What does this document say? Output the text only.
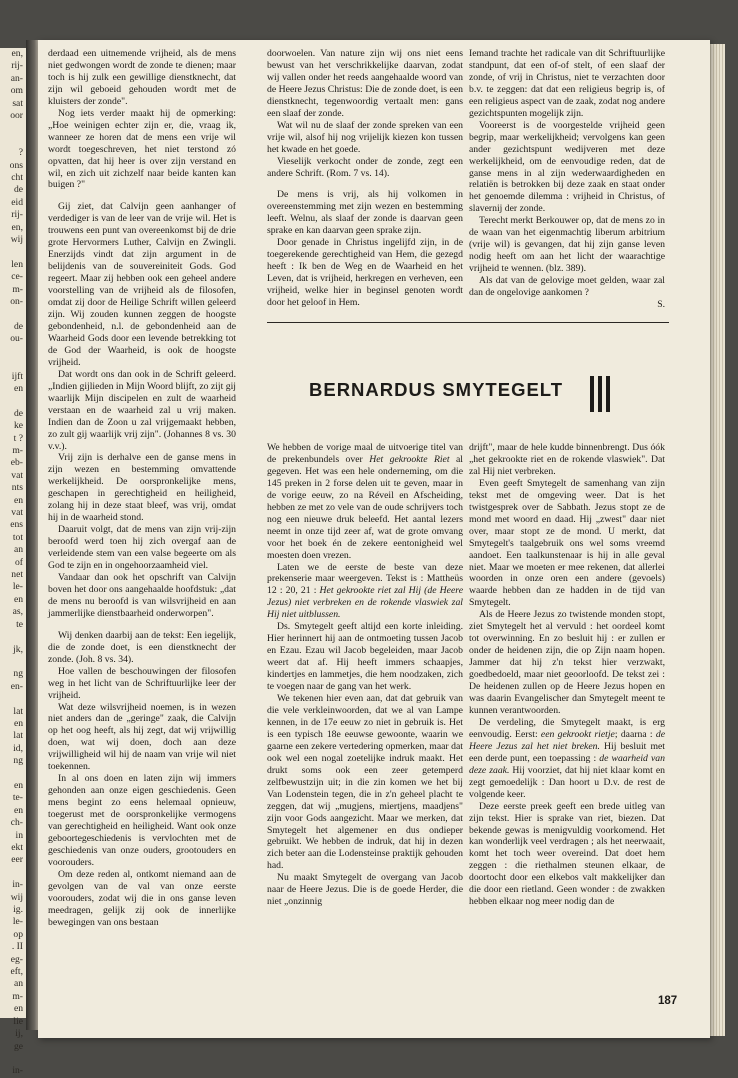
en,
rij-
an-
om
sat
oor

?
ons
cht
de
eid
rij-
en,
wij

len
ce-
m-
on-

de
ou-

ijft
en

de
ke
t ?
m-
eb-
vat
nts
en
vat
ens
tot
an
of
net
le-
en
as,
te

jk,

ng
en-

lat
en
lat
id,
ng

en
te-
en
ch-
in
ekt
eer

in-
wij
ig.
le-
op
. II
eg-
eft,
an
m-
en
lie
ij,
ge

in-

derdaad een uitnemende vrijheid, als de mens niet gedwongen wordt de zonde te dienen; maar toch is hij zulk een gewillige dienstknecht, dat zijn wil geboeid gehouden wordt met de kluisters der zonde".

Nog iets verder maakt hij de opmerking: „Hoe weinigen echter zijn er, die, vraag ik, wanneer ze horen dat de mens een vrije wil wordt toegeschreven, het niet terstond zó opvatten, dat hij heer is over zijn verstand en wil, en zich uit zichzelf naar beide kanten kan buigen ?"

Gij ziet, dat Calvijn geen aanhanger of verdediger is van de leer van de vrije wil. Het is trouwens een punt van overeenkomst bij de drie grote Hervormers Luther, Calvijn en Zwingli. Enerzijds vindt dat zijn argument in de belijdenis van de souvereiniteit Gods. God regeert. Maar zij hebben ook een geheel andere voorstelling van de vrijheid als de filosofen, omdat zij door de Heilige Schrift willen geleerd zijn. Wij zouden kunnen zeggen de hoogste gebondenheid, n.l. de gebondenheid aan de Waarheid Gods door een levende betrekking tot de God der Waarheid, is ook de hoogste vrijheid.

Dat wordt ons dan ook in de Schrift geleerd. „Indien gijlieden in Mijn Woord blijft, zo zijt gij waarlijk Mijn discipelen en zult de waarheid verstaan en de waarheid zal u vrij maken. Indien dan de Zoon u zal vrijgemaakt hebben, zo zult gij waarlijk vrij zijn". (Johannes 8 vs. 30 v.v.).

Vrij zijn is derhalve een de ganse mens in zijn wezen en bestemming omvattende werkelijkheid. De oorspronkelijke mens, geschapen in gerechtigheid en heiligheid, zolang hij in deze staat bleef, was vrij, omdat hij in de waarheid stond.

Daaruit volgt, dat de mens van zijn vrij-zijn beroofd werd toen hij zich overgaf aan de verleidende stem van een valse begeerte om als God te zijn en in ongehoorzaamheid viel.

Vandaar dan ook het opschrift van Calvijn boven het door ons aangehaalde hoofdstuk: „dat de mens nu beroofd is van wilsvrijheid en aan jammerlijke dienstbaarheid onderworpen".

Wij denken daarbij aan de tekst: Een iegelijk, die de zonde doet, is een dienstknecht der zonde. (Joh. 8 vs. 34).

Hoe vallen de beschouwingen der filosofen weg in het licht van de Schriftuurlijke leer der vrijheid.

Wat deze wilsvrijheid noemen, is in wezen niet anders dan de „geringe" zaak, die Calvijn op het oog heeft, als hij zegt, dat wij vrijwillig doen, wat wij doen, doch aan deze vrijwilligheid wil hij de naam van vrije wil niet toekennen.

In al ons doen en laten zijn wij immers gehonden aan onze eigen geschiedenis. Geen mens begint zo eens helemaal opnieuw, toegerust met de oorspronkelijke vermogens van gerechtigheid en heiligheid. Want ook onze geboortegeschiedenis is vervlochten met de geschiedenis van onze ouders, grootouders en voorouders.

Om deze reden al, ontkomt niemand aan de gevolgen van de val van onze eerste voorouders, zodat wij die in ons ganse leven meedragen, gelijk zij ook de innerlijke bewegingen van ons bestaan

doorwoelen. Van nature zijn wij ons niet eens bewust van het verschrikkelijke daarvan, zodat wij vallen onder het reeds aangehaalde woord van de Heere Jezus Christus: Die de zonde doet, is een dienstknecht, tegenwoordig vertaalt men: gans een slaaf der zonde.

Wat wil nu de slaaf der zonde spreken van een vrije wil, alsof hij nog vrijelijk kiezen kon tussen het kwade en het goede.

Vieselijk verkocht onder de zonde, zegt een andere Schrift. (Rom. 7 vs. 14).

De mens is vrij, als hij volkomen in overeenstemming met zijn wezen en bestemming leeft. Welnu, als slaaf der zonde is daarvan geen sprake en kan daarvan geen sprake zijn.

Door genade in Christus ingelijfd zijn, in de toegerekende gerechtigheid van Hem, die gezegd heeft : Ik ben de Weg en de Waarheid en het Leven, dat is vrijheid, herkregen en verheven, een vrijheid, welke hier in beginsel genoten wordt door het geloof in Hem.

Iemand trachte het radicale van dit Schriftuurlijke standpunt, dat een of-of stelt, of een slaaf der zonde, of vrij in Christus, niet te verzachten door b.v. te zeggen: dat dat een religieus begrip is, of een religieus aspect van de zaak, zodat nog andere gezichtspunten mogelijk zijn.

Vooreerst is de voorgestelde vrijheid geen begrip, maar werkelijkheid; vervolgens kan geen ander gezichtspunt wedijveren met deze werkelijkheid, om de eenvoudige reden, dat de ganse mens in al zijn wederwaardigheden en relatiën is betrokken bij deze zaak en staat onder het genoemde dilemma : vrijheid in Christus, of slavernij der zonde.

Terecht merkt Berkouwer op, dat de mens zo in de waan van het eigenmachtig liberum arbitrium (vrije wil) is gevangen, dat hij zijn ganse leven nodig heeft om aan het licht der waarachtige vrijheid te wennen. (blz. 389).

Als dat van de gelovige moet gelden, waar zal dan de ongelovige aankomen ?

S.

BERNARDUS SMYTEGELT

We hebben de vorige maal de uitvoerige titel van de prekenbundels over Het gekrookte Riet al gegeven. Het was een hele onderneming, om die 145 preken in 2 forse delen uit te geven, maar in de vorige eeuw, zo na Réveil en Afscheiding, hebben ze met zo vele van de oude schrijvers toch nog een nieuwe druk beleefd. Het aantal lezers neemt in onze tijd zeer af, wat de grote omvang voor het boek én de zekere eentonigheid wel moesten doen vrezen.

Laten we de eerste de beste van deze prekenserie maar weergeven. Tekst is : Mattheüs 12 : 20, 21 : Het gekrookte riet zal Hij (de Heere Jezus) niet verbreken en de rokende vlaswiek zal Hij niet uitblussen.

Ds. Smytegelt geeft altijd een korte inleiding. Hier herinnert hij aan de ontmoeting tussen Jacob en Ezau. Ezau wil Jacob begeleiden, maar Jacob weert dat af. Hij heeft immers schaapjes, kindertjes en lammetjes, die hem noodzaken, zich te voegen naar de gang van het werk.

We tekenen hier even aan, dat dat gebruik van die vele verkleinwoorden, dat we al van Lampe kennen, in de 17e eeuw zo niet in gebruik is. Het is een typisch 18e eeuwse gewoonte, waarin we gaarne een zekere vertedering opmerken, maar dat ook wel een nogal zoetelijke indruk maakt. Het drukt soms ook een zeer getemperd zelfbewustzijn uit; in die zin komen we het bij Van Lodenstein tegen, die in z'n geheel placht te zeggen, dat wij „mugjens, miertjens, maadjens" zijn voor Gods aangezicht. Maar we merken, dat Smytegelt het algemener en dus ondieper gebruikt. We hebben de indruk, dat hij in dezen zich beter aan die Lodensteinse praktijk gehouden had.

Nu maakt Smytegelt de overgang van Jacob naar de Heere Jezus. Die is de goede Herder, die niet „onzinnig

drijft", maar de hele kudde binnenbrengt. Dus óók „het gekrookte riet en de rokende vlaswiek". Dat zal Hij niet verbreken.

Even geeft Smytegelt de samenhang van zijn tekst met de omgeving weer. Dat is het twistgesprek over de Sabbath. Jezus stopt ze de mond met woord en daad. Hij „zwest" daar niet over, maar stopt ze de mond. U merkt, dat Smytegelt's taalgebruik ons wel soms vreemd aandoet. Een taalkunstenaar is hij in alle geval niet. Maar we moeten er mee rekenen, dat allerlei woorden in onze oren een andere (gevoels) waarde hebben dan ze hadden in de tijd van Smytegelt.

Als de Heere Jezus zo twistende monden stopt, ziet Smytegelt het al vervuld : het oordeel komt tot overwinning. En zo besluit hij : er zullen er onder de heidenen zijn, die op Zijn naam hopen. Jammer dat hij z'n tekst hier verzwakt, goedbedoeld, maar niet geoorloofd. De tekst zei : De heidenen zullen op de Heere Jezus hopen en was daarin Evangelischer dan Smytegelt meent te kunnen verantwoorden.

De verdeling, die Smytegelt maakt, is erg eenvoudig. Eerst: een gekrookt rietje; daarna : de Heere Jezus zal het niet breken. Hij besluit met een derde punt, een toepassing : de waarheid van deze zaak. Hij voorziet, dat hij niet klaar komt en zegt gemoedelijk : Dan hoort u D.v. de rest de volgende keer.

Deze eerste preek geeft een brede uitleg van zijn tekst. Hier is sprake van riet, biezen. Dat bekende gewas is menigvuldig voorkomend. Het kan wonderlijk veel verdragen ; als het neerwaait, komt het toch weer overeind. Dat doet hem zeggen : die riethalmen steunen elkaar, de doortocht door een elkebos valt makkelijker dan die door een rietland. Geen wonder : de zwakken hebben elkaar nog meer nodig dan de

187
